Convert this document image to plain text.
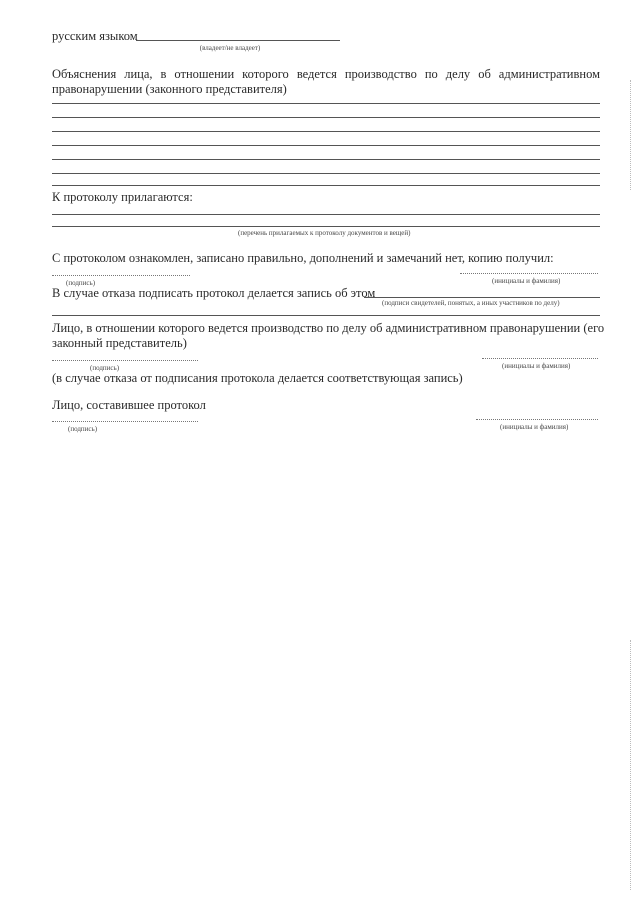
русским языком
(владеет/не владеет)
Объяснения лица, в отношении которого ведется производство по делу об административном
правонарушении (законного представителя)
К протоколу прилагаются:
(перечень прилагаемых к протоколу документов и вещей)
С протоколом ознакомлен, записано правильно, дополнений и замечаний нет, копию получил:
(подпись)	(инициалы и фамилия)
В случае отказа подписать протокол делается запись об этом
(подписи свидетелей, понятых, а иных участников по делу)
Лицо, в отношении которого ведется производство по делу об административном правонарушении (его
законный представитель)
(подпись)	(инициалы и фамилия)
(в случае отказа от подписания протокола делается соответствующая запись)
Лицо, составившее протокол
(подпись)	(инициалы и фамилия)
